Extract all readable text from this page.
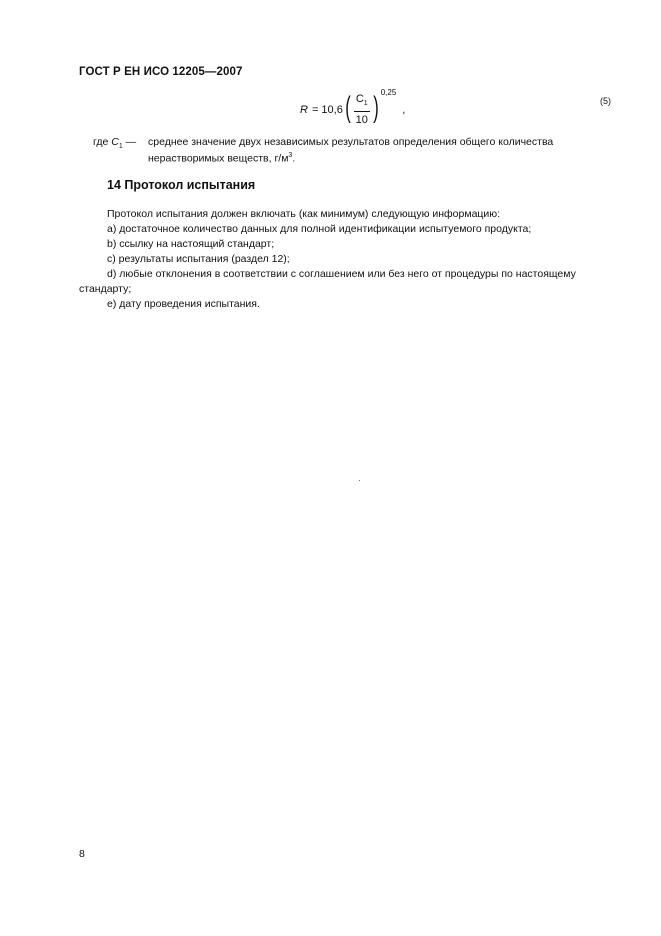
ГОСТ Р ЕН ИСО 12205—2007
R = 10,6 ( $\frac{C_1}{10}$ ) 0,25
,
(5)
где $C_1$ — среднее значение двух независимых результатов определения общего количества нерастворимых веществ, $г/м^3$.
14 Протокол испытания

Протокол испытания должен включать (как минимум) следующую информацию:

a) достаточное количество данных для полной идентификации испытуемого продукта;

b) ссылку на настоящий стандарт;

c) результаты испытания (раздел 12);

d) любые отклонения в соответствии с соглашением или без него от процедуры по настоящему стандарту;

e) дату проведения испытания.

8
